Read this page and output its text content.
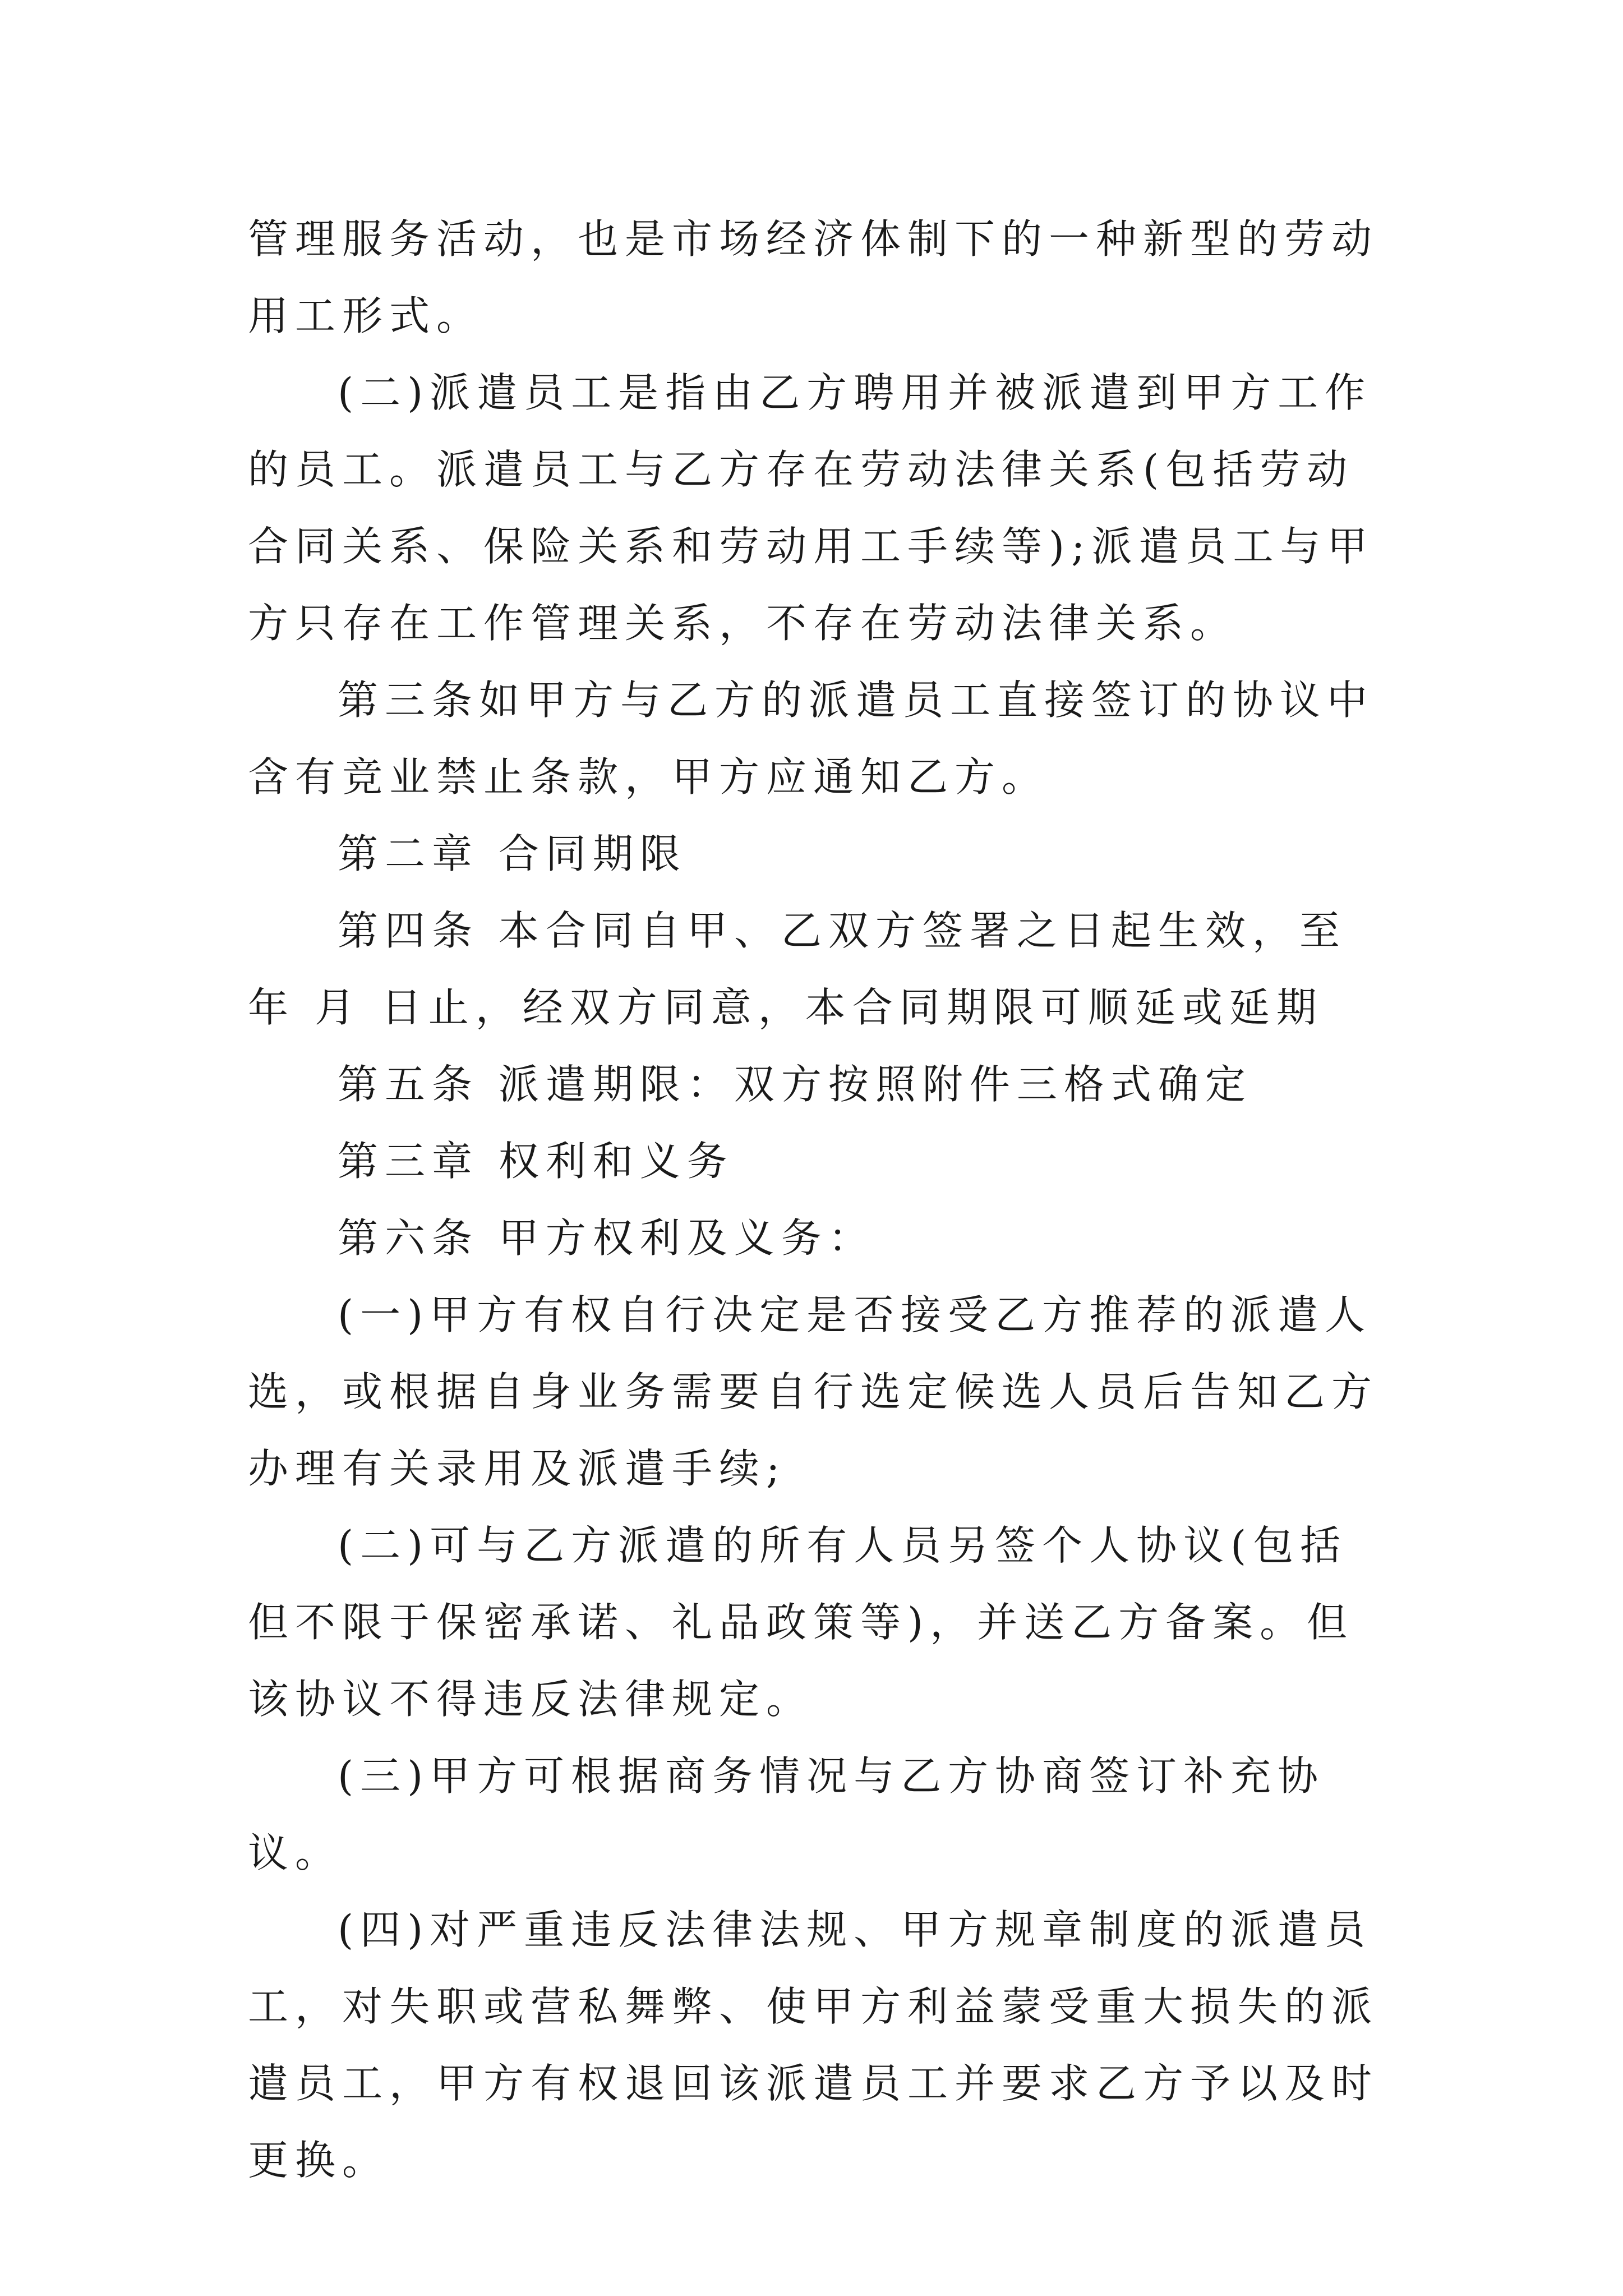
管理服务活动，也是市场经济体制下的一种新型的劳动用工形式。

(二)派遣员工是指由乙方聘用并被派遣到甲方工作的员工。派遣员工与乙方存在劳动法律关系(包括劳动合同关系、保险关系和劳动用工手续等);派遣员工与甲方只存在工作管理关系，不存在劳动法律关系。

第三条如甲方与乙方的派遣员工直接签订的协议中含有竞业禁止条款，甲方应通知乙方。

第二章 合同期限

第四条 本合同自甲、乙双方签署之日起生效，至 年 月 日止，经双方同意，本合同期限可顺延或延期

第五条 派遣期限：双方按照附件三格式确定

第三章 权利和义务

第六条 甲方权利及义务：

(一)甲方有权自行决定是否接受乙方推荐的派遣人选，或根据自身业务需要自行选定候选人员后告知乙方办理有关录用及派遣手续;

(二)可与乙方派遣的所有人员另签个人协议(包括但不限于保密承诺、礼品政策等)，并送乙方备案。但该协议不得违反法律规定。

(三)甲方可根据商务情况与乙方协商签订补充协议。

(四)对严重违反法律法规、甲方规章制度的派遣员工，对失职或营私舞弊、使甲方利益蒙受重大损失的派遣员工，甲方有权退回该派遣员工并要求乙方予以及时更换。
